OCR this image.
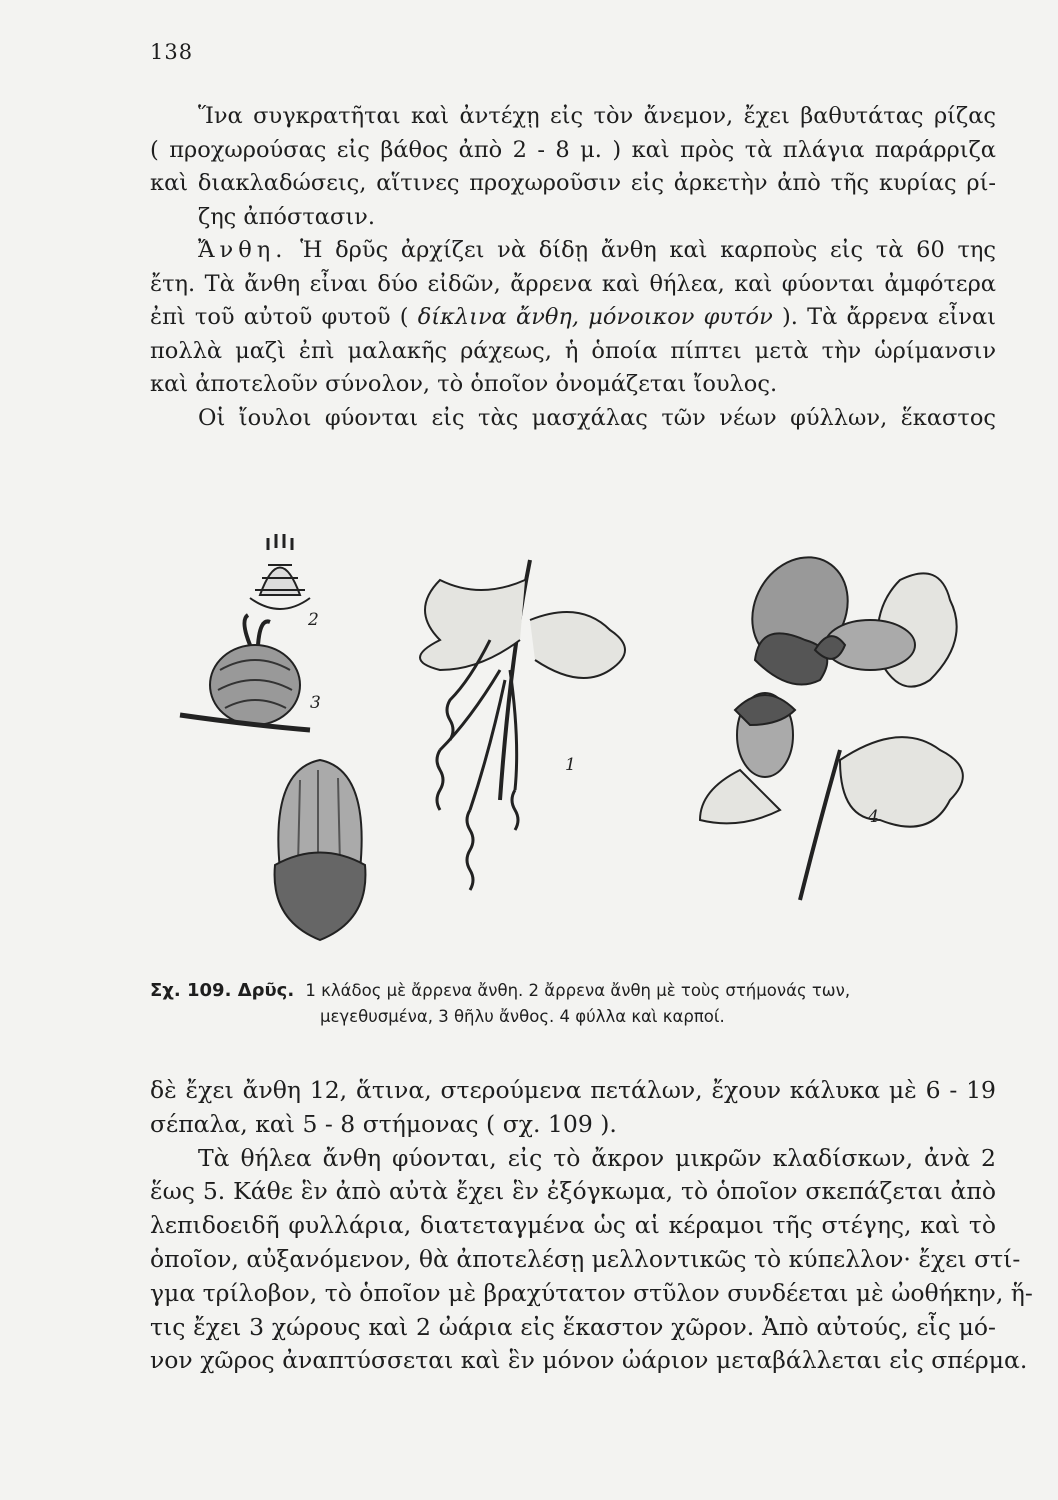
138

Ἵνα συγκρατῆται καὶ ἀντέχῃ εἰς τὸν ἄνεμον, ἔχει βαθυτάτας ρίζας
( προχωρούσας εἰς βάθος ἀπὸ 2 - 8 μ. ) καὶ πρὸς τὰ πλάγια παράρριζα
καὶ διακλαδώσεις, αἵτινες προχωροῦσιν εἰς ἀρκετὴν ἀπὸ τῆς κυρίας ρί-
ζης ἀπόστασιν.

Ἄνθη. Ἡ δρῦς ἀρχίζει νὰ δίδῃ ἄνθη καὶ καρποὺς εἰς τὰ 60 της
ἔτη. Τὰ ἄνθη εἶναι δύο εἰδῶν, ἄρρενα καὶ θήλεα, καὶ φύονται ἀμφότερα
ἐπὶ τοῦ αὐτοῦ φυτοῦ ( δίκλινα ἄνθη, μόνοικον φυτόν ). Τὰ ἄρρενα εἶναι
πολλὰ μαζὶ ἐπὶ μαλακῆς ράχεως, ἡ ὁποία πίπτει μετὰ τὴν ὡρίμανσιν
καὶ ἀποτελοῦν σύνολον, τὸ ὁποῖον ὀνομάζεται ἴουλος.

Οἱ ἴουλοι φύονται εἰς τὰς μασχάλας τῶν νέων φύλλων, ἕκαστος

2
3
1
4
Σχ. 109. Δρῦς. 1 κλάδος μὲ ἄρρενα ἄνθη. 2 ἄρρενα ἄνθη μὲ τοὺς στήμονάς των,
μεγεθυσμένα, 3 θῆλυ ἄνθος. 4 φύλλα καὶ καρποί.

δὲ ἔχει ἄνθη 12, ἅτινα, στερούμενα πετάλων, ἔχουν κάλυκα μὲ 6 - 19
σέπαλα, καὶ 5 - 8 στήμονας ( σχ. 109 ).

Τὰ θήλεα ἄνθη φύονται, εἰς τὸ ἄκρον μικρῶν κλαδίσκων, ἀνὰ 2
ἕως 5. Κάθε ἓν ἀπὸ αὐτὰ ἔχει ἓν ἐξόγκωμα, τὸ ὁποῖον σκεπάζεται ἀπὸ
λεπιδοειδῆ φυλλάρια, διατεταγμένα ὡς αἱ κέραμοι τῆς στέγης, καὶ τὸ
ὁποῖον, αὐξανόμενον, θὰ ἀποτελέσῃ μελλοντικῶς τὸ κύπελλον· ἔχει στί-
γμα τρίλοβον, τὸ ὁποῖον μὲ βραχύτατον στῦλον συνδέεται μὲ ὠοθήκην, ἥ-
τις ἔχει 3 χώρους καὶ 2 ὠάρια εἰς ἕκαστον χῶρον. Ἀπὸ αὐτούς, εἷς μό-
νον χῶρος ἀναπτύσσεται καὶ ἓν μόνον ὠάριον μεταβάλλεται εἰς σπέρμα.
